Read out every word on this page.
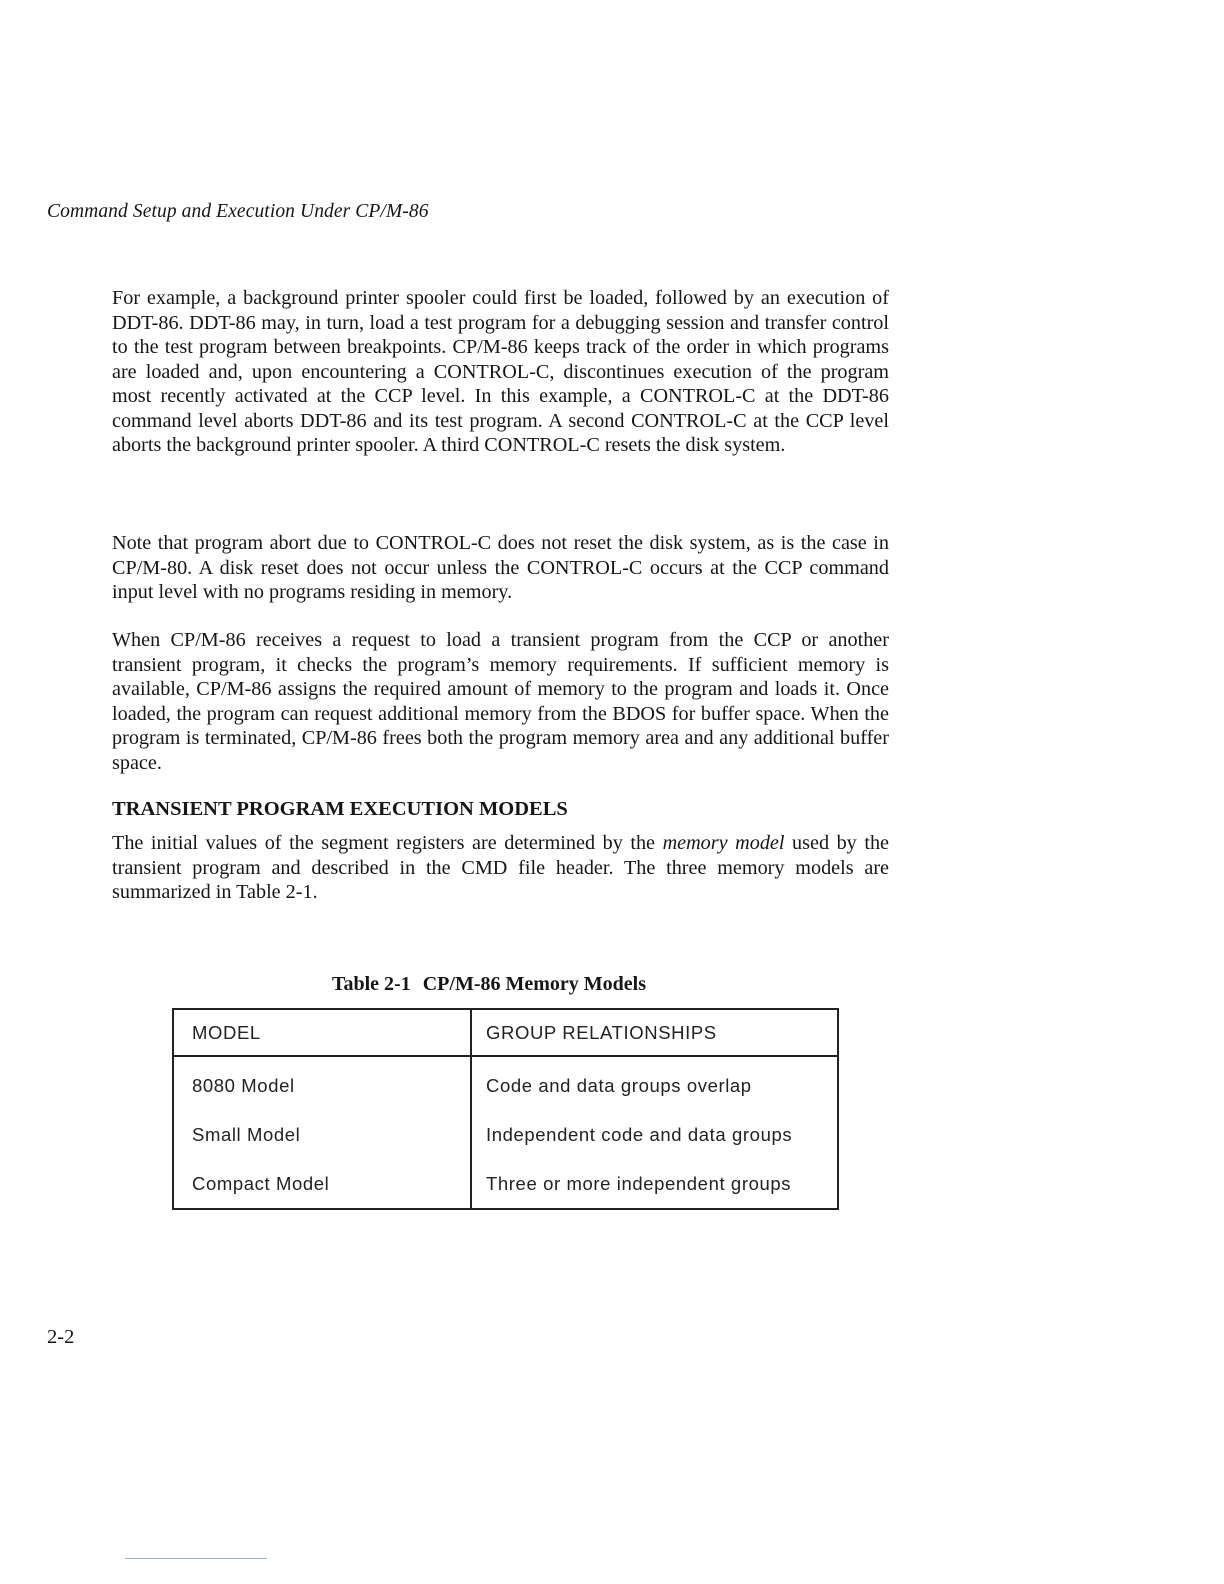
Command Setup and Execution Under CP/M-86

For example, a background printer spooler could first be loaded, followed by an execution of DDT-86. DDT-86 may, in turn, load a test program for a debugging session and transfer control to the test program between breakpoints. CP/M-86 keeps track of the order in which programs are loaded and, upon encountering a CONTROL-C, discontinues execution of the program most recently activated at the CCP level. In this example, a CONTROL-C at the DDT-86 command level aborts DDT-86 and its test program. A second CONTROL-C at the CCP level aborts the background printer spooler. A third CONTROL-C resets the disk system.

Note that program abort due to CONTROL-C does not reset the disk system, as is the case in CP/M-80. A disk reset does not occur unless the CONTROL-C occurs at the CCP command input level with no programs residing in memory.

When CP/M-86 receives a request to load a transient program from the CCP or another transient program, it checks the program’s memory requirements. If sufficient memory is available, CP/M-86 assigns the required amount of memory to the program and loads it. Once loaded, the program can request additional memory from the BDOS for buffer space. When the program is terminated, CP/M-86 frees both the program memory area and any additional buffer space.

TRANSIENT PROGRAM EXECUTION MODELS

The initial values of the segment registers are determined by the memory model used by the transient program and described in the CMD file header. The three memory models are summarized in Table 2-1.

Table 2-1 CP/M-86 Memory Models
MODEL	GROUP RELATIONSHIPS
8080 Model	Code and data groups overlap
Small Model	Independent code and data groups
Compact Model	Three or more independent groups
2-2
